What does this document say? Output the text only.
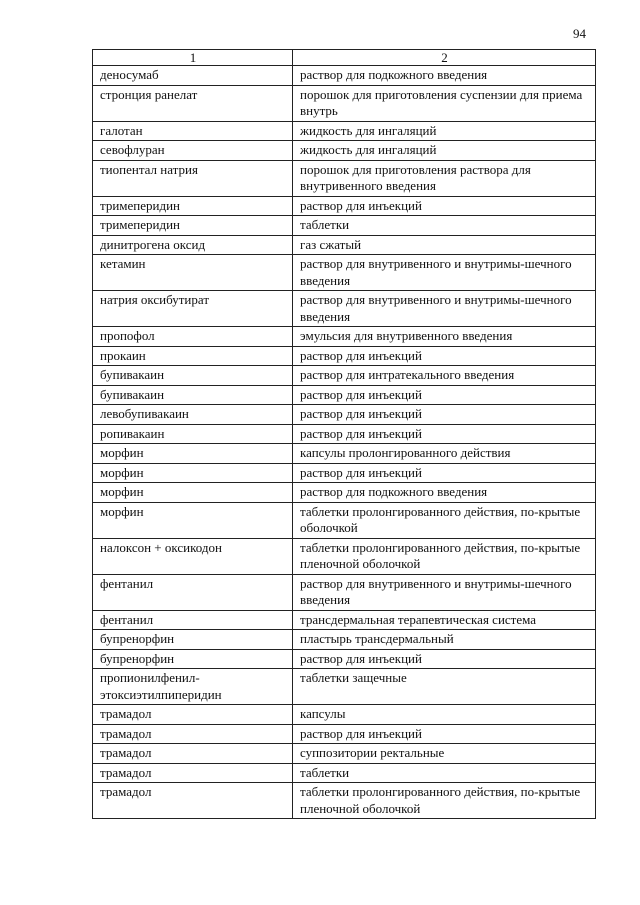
94
1	2
деносумаб	раствор для подкожного введения
стронция ранелат	порошок для приготовления суспензии для приема внутрь
галотан	жидкость для ингаляций
севофлуран	жидкость для ингаляций
тиопентал натрия	порошок для приготовления раствора для внутривенного введения
тримеперидин	раствор для инъекций
тримеперидин	таблетки
динитрогена оксид	газ сжатый
кетамин	раствор для внутривенного и внутримы-шечного введения
натрия оксибутират	раствор для внутривенного и внутримы-шечного введения
пропофол	эмульсия для внутривенного введения
прокаин	раствор для инъекций
бупивакаин	раствор для интратекального введения
бупивакаин	раствор для инъекций
левобупивакаин	раствор для инъекций
ропивакаин	раствор для инъекций
морфин	капсулы пролонгированного действия
морфин	раствор для инъекций
морфин	раствор для подкожного введения
морфин	таблетки пролонгированного действия, по-крытые оболочкой
налоксон + оксикодон	таблетки пролонгированного действия, по-крытые пленочной оболочкой
фентанил	раствор для внутривенного и внутримы-шечного введения
фентанил	трансдермальная терапевтическая система
бупренорфин	пластырь трансдермальный
бупренорфин	раствор для инъекций
пропионилфенил-этоксиэтилпиперидин	таблетки защечные
трамадол	капсулы
трамадол	раствор для инъекций
трамадол	суппозитории ректальные
трамадол	таблетки
трамадол	таблетки пролонгированного действия, по-крытые пленочной оболочкой
